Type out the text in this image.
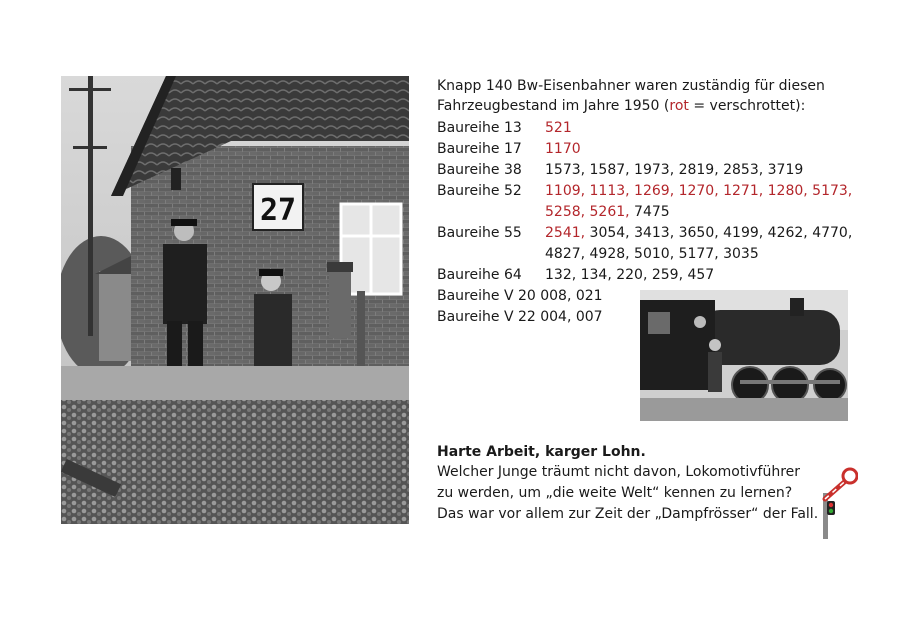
27

Knapp 140 Bw-Eisenbahner waren zuständig für diesen

Fahrzeugbestand im Jahre 1950 (rot = verschrottet):

Baureihe 13 521
Baureihe 17 1170
Baureihe 38 1573, 1587, 1973, 2819, 2853, 3719
Baureihe 52 1109, 1113, 1269, 1270, 1271, 1280, 5173,
5258, 5261, 7475
Baureihe 55 2541, 3054, 3413, 3650, 4199, 4262, 4770,
4827, 4928, 5010, 5177, 3035
Baureihe 64 132, 134, 220, 259, 457
Baureihe V 20 008, 021
Baureihe V 22 004, 007
Harte Arbeit, karger Lohn.

Welcher Junge träumt nicht davon, Lokomotivführer

zu werden, um „die weite Welt“ kennen zu lernen?

Das war vor allem zur Zeit der „Dampfrösser“ der Fall.
